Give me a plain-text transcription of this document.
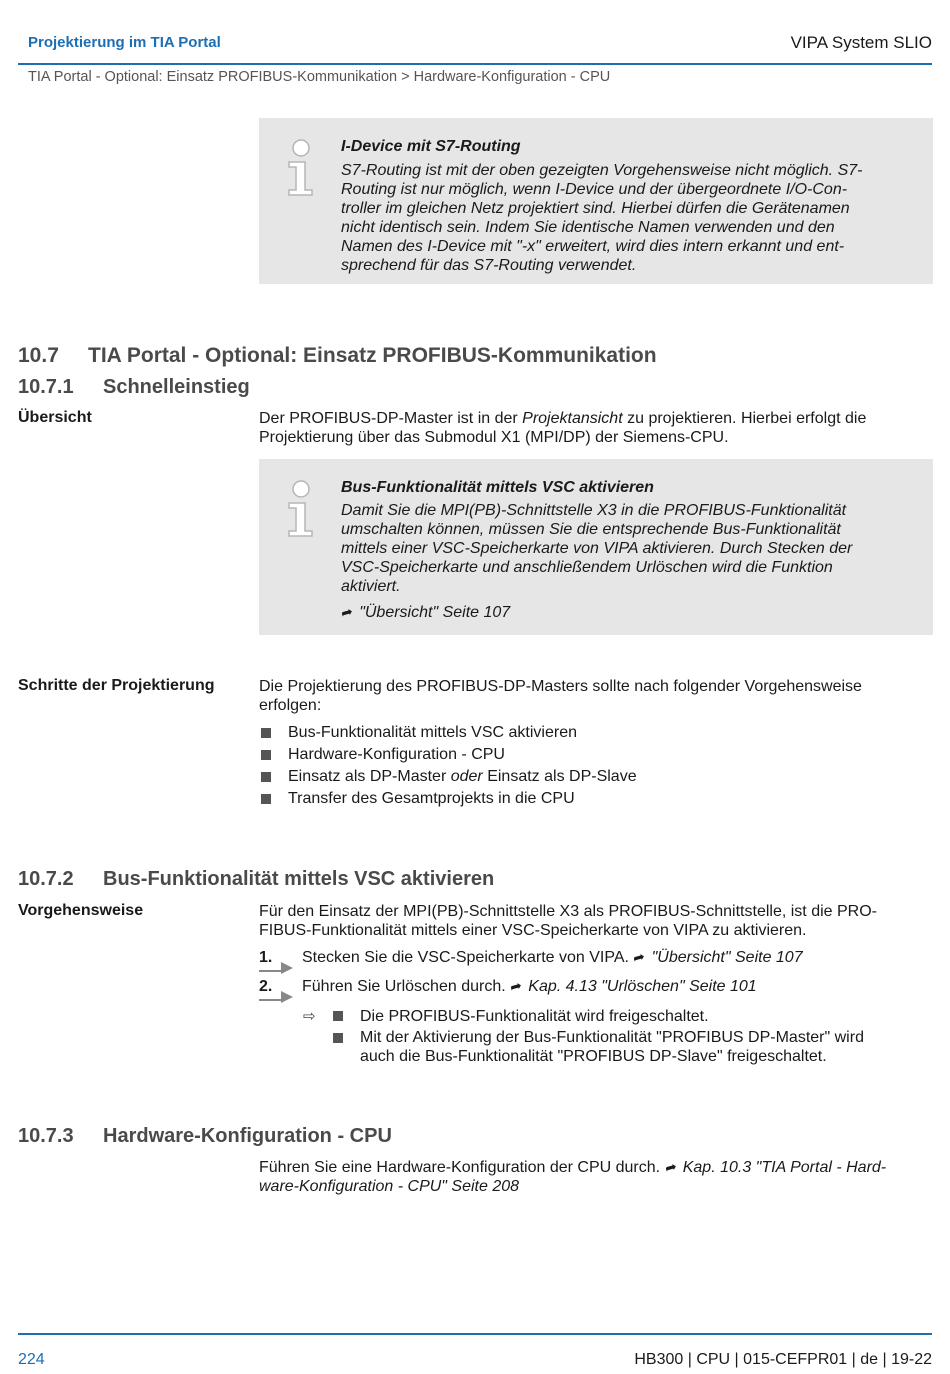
Projektierung im TIA Portal	VIPA System SLIO
TIA Portal - Optional: Einsatz PROFIBUS-Kommunikation > Hardware-Konfiguration - CPU
I-Device mit S7-Routing
S7-Routing ist mit der oben gezeigten Vorgehensweise nicht möglich. S7-
Routing ist nur möglich, wenn I-Device und der übergeordnete I/O-Con-
troller im gleichen Netz projektiert sind. Hierbei dürfen die Gerätenamen
nicht identisch sein. Indem Sie identische Namen verwenden und den
Namen des I-Device mit "-x" erweitert, wird dies intern erkannt und ent-
sprechend für das S7-Routing verwendet.
10.7 TIA Portal - Optional: Einsatz PROFIBUS-Kommunikation
10.7.1 Schnelleinstieg
Übersicht	Der PROFIBUS-DP-Master ist in der Projektansicht zu projektieren. Hierbei erfolgt die
Projektierung über das Submodul X1 (MPI/DP) der Siemens-CPU.
Bus-Funktionalität mittels VSC aktivieren
Damit Sie die MPI(PB)-Schnittstelle X3 in die PROFIBUS-Funktionalität
umschalten können, müssen Sie die entsprechende Bus-Funktionalität
mittels einer VSC-Speicherkarte von VIPA aktivieren. Durch Stecken der
VSC-Speicherkarte und anschließendem Urlöschen wird die Funktion
aktiviert.
➦ "Übersicht" Seite 107
Schritte der Projektierung	Die Projektierung des PROFIBUS-DP-Masters sollte nach folgender Vorgehensweise
erfolgen:
Bus-Funktionalität mittels VSC aktivieren
Hardware-Konfiguration - CPU
Einsatz als DP-Master oder Einsatz als DP-Slave
Transfer des Gesamtprojekts in die CPU
10.7.2 Bus-Funktionalität mittels VSC aktivieren
Vorgehensweise	Für den Einsatz der MPI(PB)-Schnittstelle X3 als PROFIBUS-Schnittstelle, ist die PRO-
FIBUS-Funktionalität mittels einer VSC-Speicherkarte von VIPA zu aktivieren.
1.	Stecken Sie die VSC-Speicherkarte von VIPA. ➦ "Übersicht" Seite 107
2.	Führen Sie Urlöschen durch. ➦ Kap. 4.13 "Urlöschen" Seite 101
⇨	Die PROFIBUS-Funktionalität wird freigeschaltet.
Mit der Aktivierung der Bus-Funktionalität "PROFIBUS DP-Master" wird
auch die Bus-Funktionalität "PROFIBUS DP-Slave" freigeschaltet.
10.7.3 Hardware-Konfiguration - CPU
Führen Sie eine Hardware-Konfiguration der CPU durch. ➦ Kap. 10.3 "TIA Portal - Hard-
ware-Konfiguration - CPU" Seite 208
224	HB300 | CPU | 015-CEFPR01 | de | 19-22
